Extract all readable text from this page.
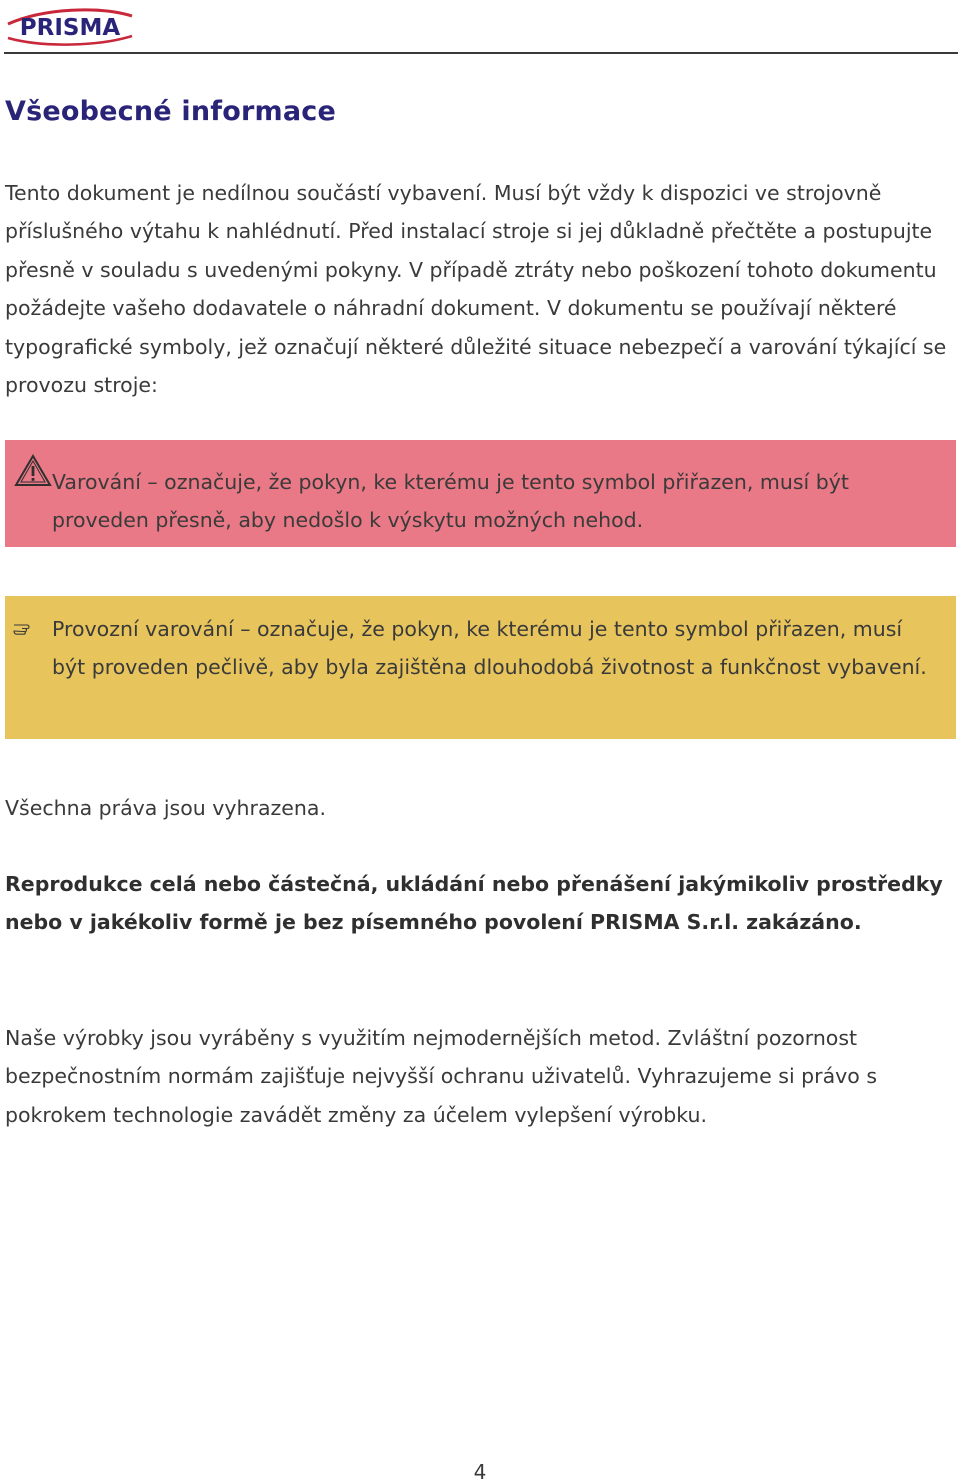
PRISMA
Všeobecné informace

Tento dokument je nedílnou součástí vybavení. Musí být vždy k dispozici ve strojovně příslušného výtahu k nahlédnutí. Před instalací stroje si jej důkladně přečtěte a postupujte přesně v souladu s uvedenými pokyny. V případě ztráty nebo poškození tohoto dokumentu požádejte vašeho dodavatele o náhradní dokument. V dokumentu se používají některé typografické symboly, jež označují některé důležité situace nebezpečí a varování týkající se provozu stroje:

Varování – označuje, že pokyn, ke kterému je tento symbol přiřazen, musí být proveden přesně, aby nedošlo k výskytu možných nehod.

Provozní varování – označuje, že pokyn, ke kterému je tento symbol přiřazen, musí být proveden pečlivě, aby byla zajištěna dlouhodobá životnost a funkčnost vybavení.

Všechna práva jsou vyhrazena.

Reprodukce celá nebo částečná, ukládání nebo přenášení jakýmikoliv prostředky nebo v jakékoliv formě je bez písemného povolení PRISMA S.r.l. zakázáno.

Naše výrobky jsou vyráběny s využitím nejmodernějších metod. Zvláštní pozornost bezpečnostním normám zajišťuje nejvyšší ochranu uživatelů. Vyhrazujeme si právo s pokrokem technologie zavádět změny za účelem vylepšení výrobku.

4
